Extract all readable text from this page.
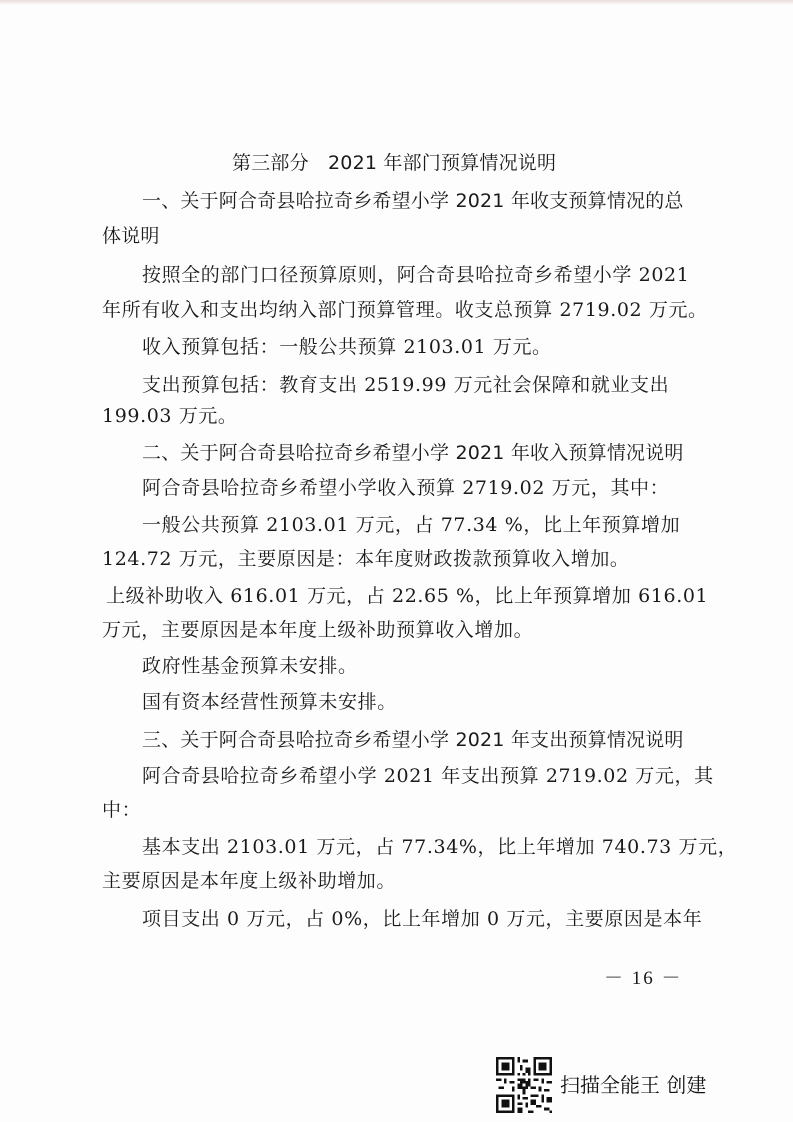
第三部分　2021 年部门预算情况说明
一、关于阿合奇县哈拉奇乡希望小学 2021 年收支预算情况的总
体说明
按照全的部门口径预算原则，阿合奇县哈拉奇乡希望小学 2021
年所有收入和支出均纳入部门预算管理。收支总预算 2719.02 万元。
收入预算包括：一般公共预算 2103.01 万元。
支出预算包括：教育支出 2519.99 万元社会保障和就业支出
199.03 万元。
二、关于阿合奇县哈拉奇乡希望小学 2021 年收入预算情况说明
阿合奇县哈拉奇乡希望小学收入预算 2719.02 万元，其中：
一般公共预算 2103.01 万元，占 77.34 %，比上年预算增加
124.72 万元，主要原因是：本年度财政拨款预算收入增加。
上级补助收入 616.01 万元，占 22.65 %，比上年预算增加 616.01
万元，主要原因是本年度上级补助预算收入增加。
政府性基金预算未安排。
国有资本经营性预算未安排。
三、关于阿合奇县哈拉奇乡希望小学 2021 年支出预算情况说明
阿合奇县哈拉奇乡希望小学 2021 年支出预算 2719.02 万元，其
中：
基本支出 2103.01 万元，占 77.34%，比上年增加 740.73 万元，
主要原因是本年度上级补助增加。
项目支出 0 万元，占 0%，比上年增加 0 万元，主要原因是本年
－ 16 －
扫描全能王 创建
